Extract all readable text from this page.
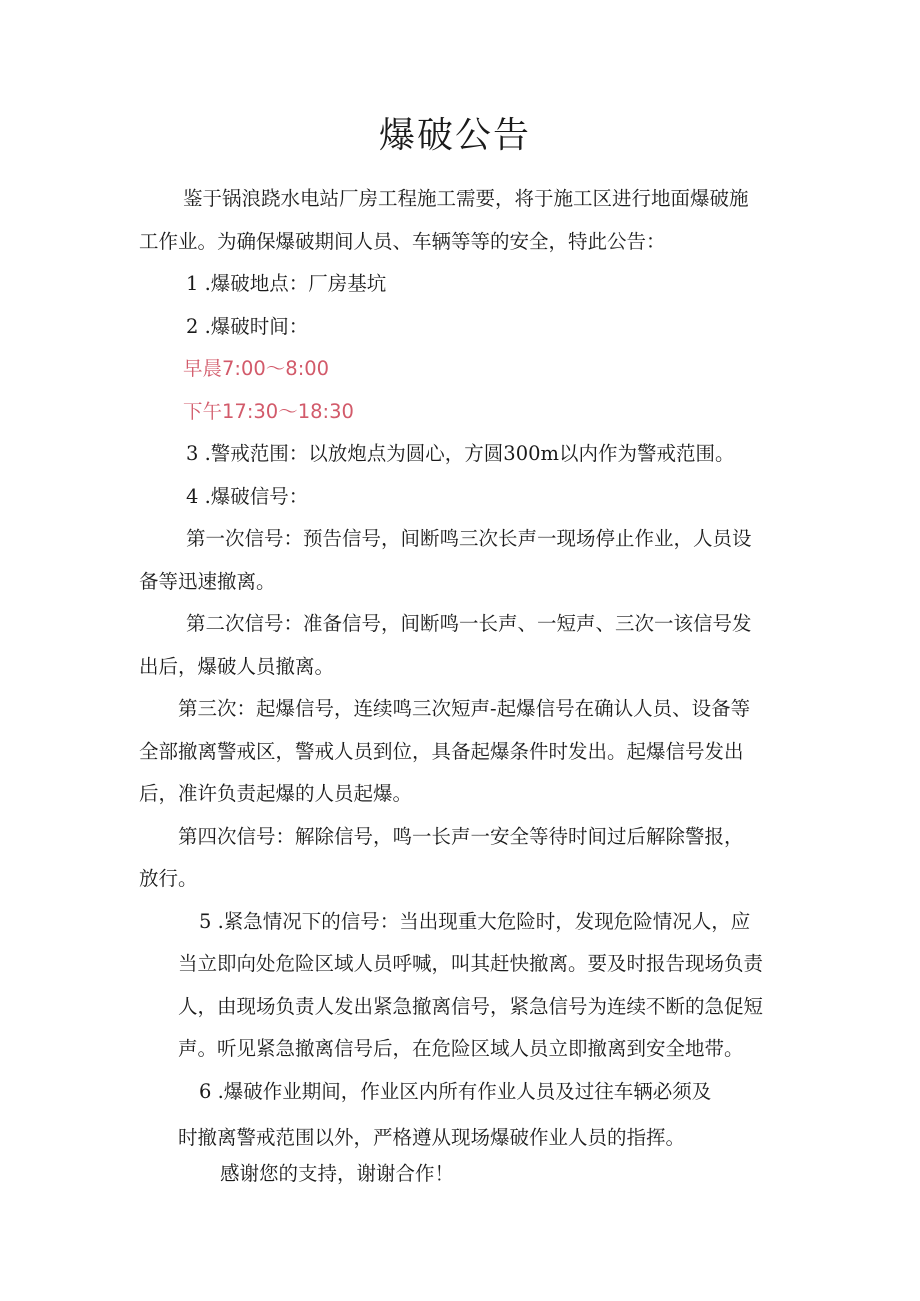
爆破公告
鉴于锅浪跷水电站厂房工程施工需要，将于施工区进行地面爆破施
工作业。为确保爆破期间人员、车辆等等的安全，特此公告：
1 .爆破地点：厂房基坑
2 .爆破时间：
早晨7:00～8:00
下午17:30～18:30
3 .警戒范围：以放炮点为圆心，方圆300m以内作为警戒范围。
4 .爆破信号：
第一次信号：预告信号，间断鸣三次长声一现场停止作业，人员设
备等迅速撤离。
第二次信号：准备信号，间断鸣一长声、一短声、三次一该信号发
出后，爆破人员撤离。
第三次：起爆信号，连续鸣三次短声-起爆信号在确认人员、设备等
全部撤离警戒区，警戒人员到位，具备起爆条件时发出。起爆信号发出
后，准许负责起爆的人员起爆。
第四次信号：解除信号，鸣一长声一安全等待时间过后解除警报，
放行。
5 .紧急情况下的信号：当出现重大危险时，发现危险情况人，应
当立即向处危险区域人员呼喊，叫其赶快撤离。要及时报告现场负责
人，由现场负责人发出紧急撤离信号，紧急信号为连续不断的急促短
声。听见紧急撤离信号后，在危险区域人员立即撤离到安全地带。
6 .爆破作业期间，作业区内所有作业人员及过往车辆必须及
时撤离警戒范围以外，严格遵从现场爆破作业人员的指挥。
感谢您的支持，谢谢合作！
